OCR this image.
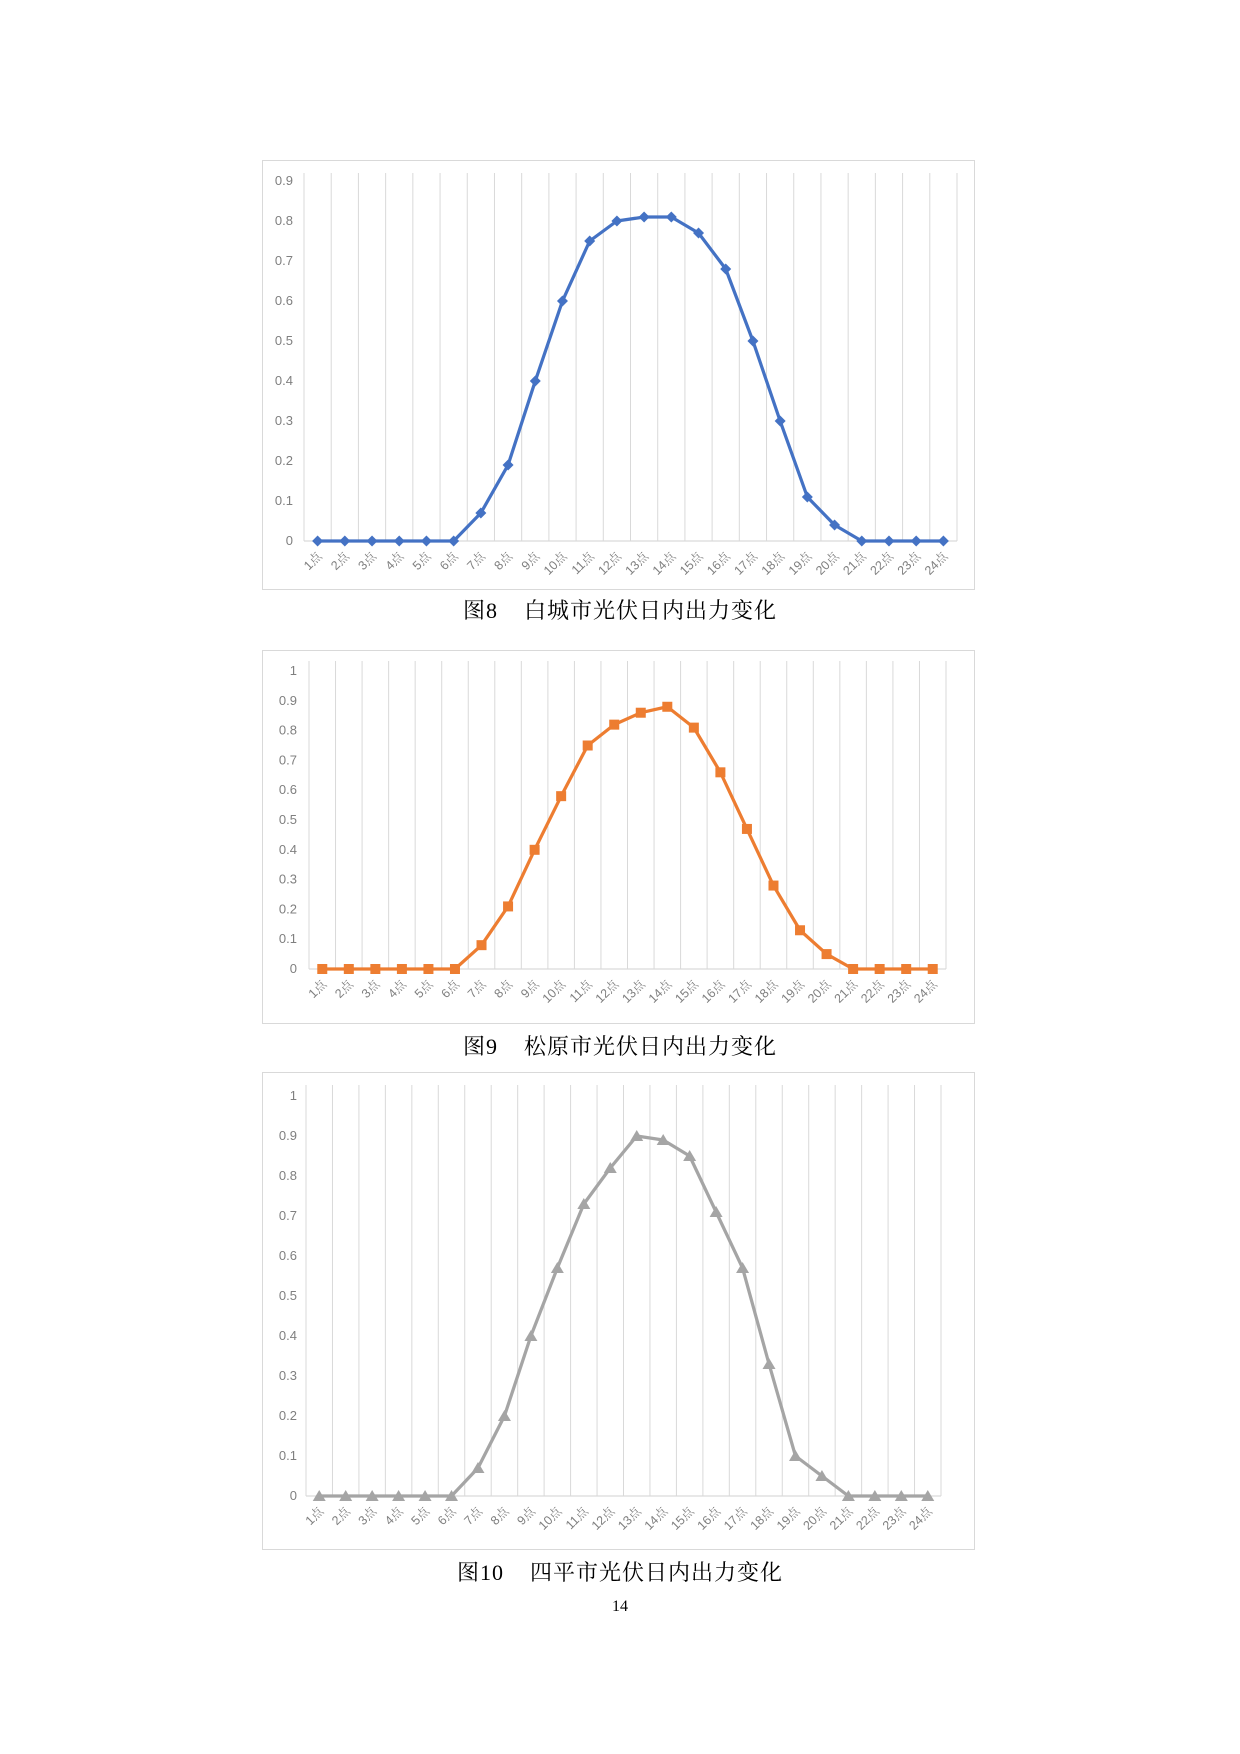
0
0.1
0.2
0.3
0.4
0.5
0.6
0.7
0.8
0.9
1点 2点 3点 4点 5点 6点 7点 8点 9点
10点 11点
12点
13点
14点
15点
16点
17点
18点
19点
20点
21点
22点
23点
24点
图8 白城市光伏日内出力变化
0
0.1
0.2
0.3
0.4
0.5
0.6
0.7
0.8
0.9
1
1点 2点 3点 4点 5点 6点 7点 8点 9点
10点
11点
12点
13点
14点
15点
16点
17点
18点
19点
20点
21点
22点
23点
24点
图9 松原市光伏日内出力变化
0
0.1
0.2
0.3
0.4
0.5
0.6
0.7
0.8
0.9
1
1点 2点 3点 4点 5点 6点 7点 8点 9点
10点
11点
12点
13点
14点
15点
16点
17点
18点
19点
20点
21点
22点
23点
24点
图10 四平市光伏日内出力变化
14
